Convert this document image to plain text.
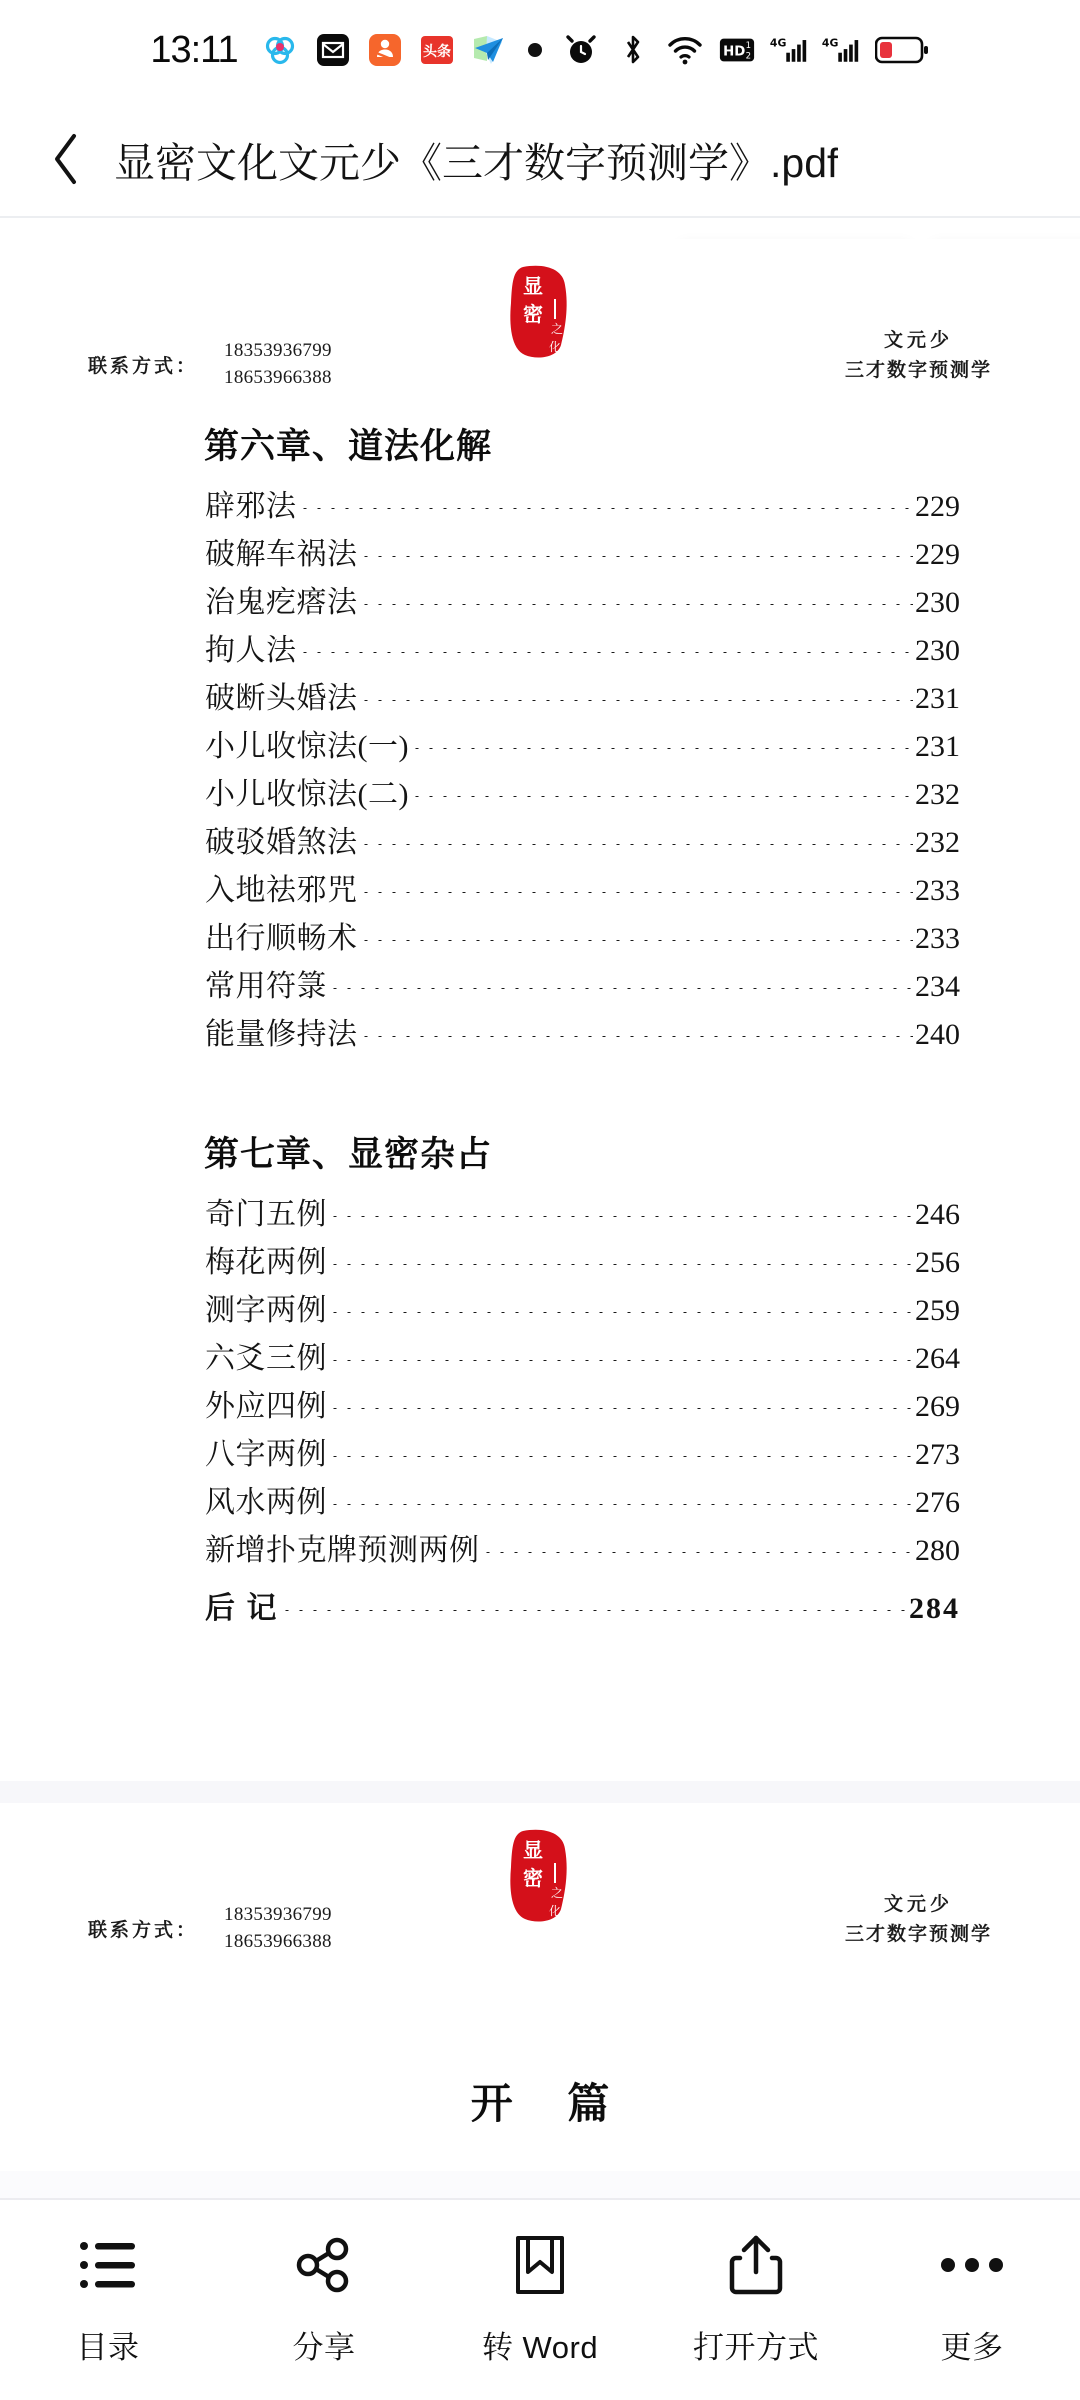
13:11	头条	HD 1
2
4G	4G
显密文化文元少《三才数字预测学》.pdf
联系方式：
18353936799
18653966388
显
密
之
化	文元少
三才数字预测学
第六章、道法化解
辟邪法	229
破解车祸法	229
治鬼疙瘩法	230
拘人法	230
破断头婚法	231
小儿收惊法(一)	231
小儿收惊法(二)	232
破驳婚煞法	232
入地祛邪咒	233
出行顺畅术	233
常用符箓	234
能量修持法	240
第七章、显密杂占
奇门五例	246
梅花两例	256
测字两例	259
六爻三例	264
外应四例	269
八字两例	273
风水两例	276
新增扑克牌预测两例	280
后 记	284
联系方式：
18353936799
18653966388
显
密
之
化	文元少
三才数字预测学
开 篇
目录	分享	转 Word	打开方式	更多
